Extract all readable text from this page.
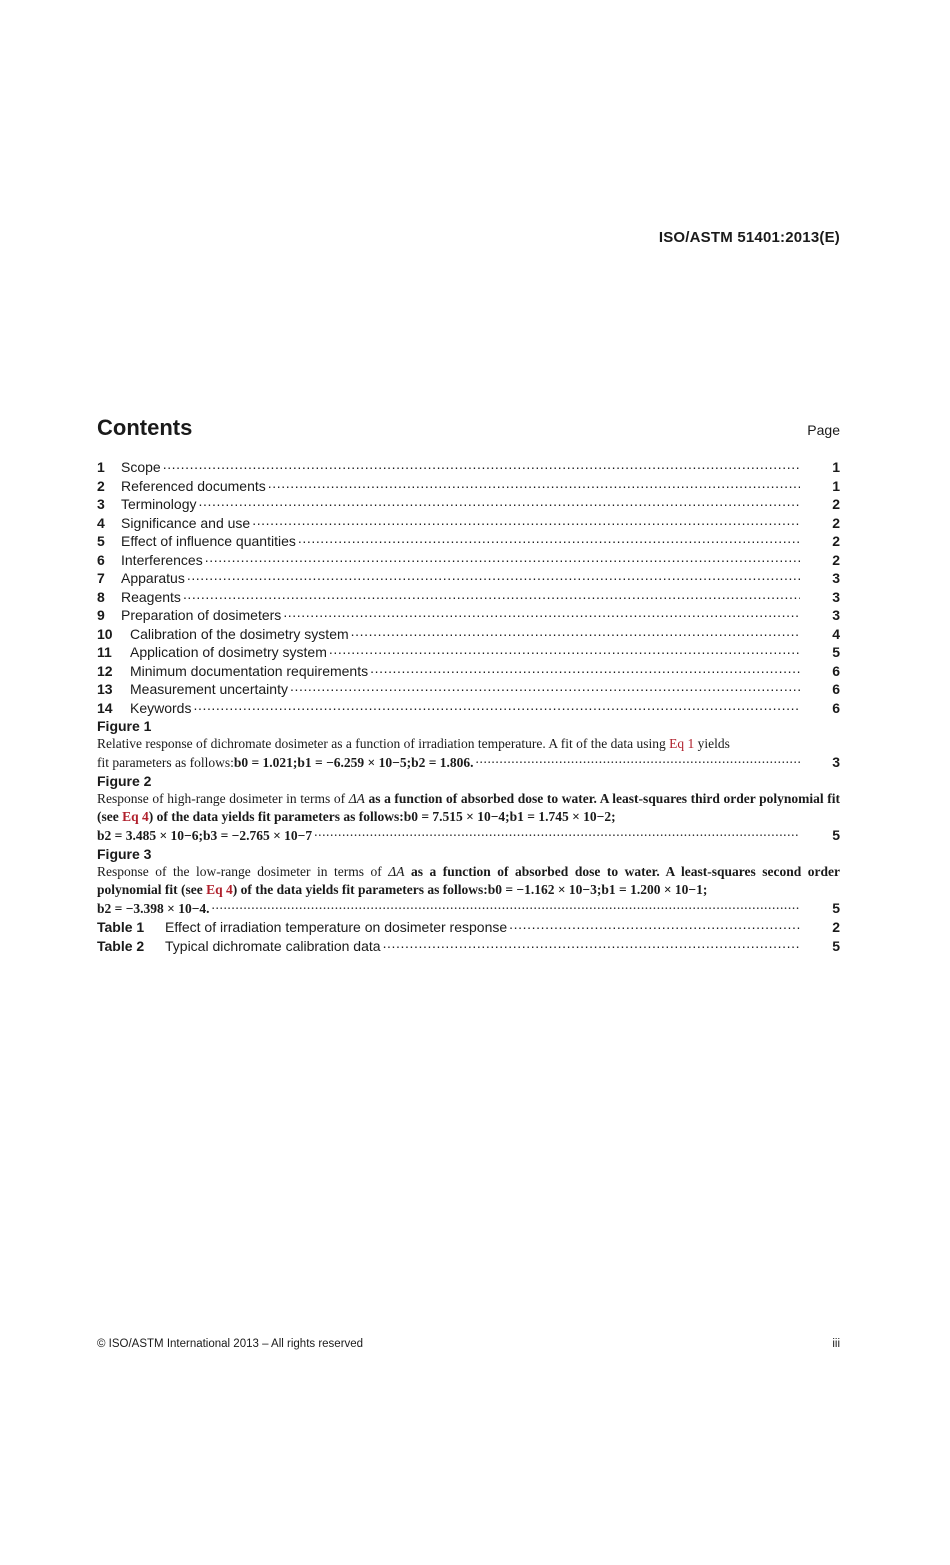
ISO/ASTM 51401:2013(E)
Contents	Page
1	Scope .....	1
2	Referenced documents .....	1
3	Terminology .....	2
4	Significance and use .....	2
5	Effect of influence quantities .....	2
6	Interferences .....	2
7	Apparatus .....	3
8	Reagents .....	3
9	Preparation of dosimeters .....	3
10	Calibration of the dosimetry system .....	4
11	Application of dosimetry system .....	5
12	Minimum documentation requirements .....	6
13	Measurement uncertainty .....	6
14	Keywords .....	6
Figure 1

Relative response of dichromate dosimeter as a function of irradiation temperature. A fit of the data using Eq 1 yields

fit parameters as follows: b0 = 1.021;b1 = −6.259 × 10−5;b2 = 1.806. .....	3
Figure 2

Response of high-range dosimeter in terms of ΔA as a function of absorbed dose to water. A least-squares third order polynomial fit (see Eq 4) of the data yields fit parameters as follows:b0 = 7.515 × 10−4;b1 = 1.745 × 10−2;

b2 = 3.485 × 10−6;b3 = −2.765 × 10−7 .....	5
Figure 3

Response of the low-range dosimeter in terms of ΔA as a function of absorbed dose to water. A least-squares second order polynomial fit (see Eq 4) of the data yields fit parameters as follows:b0 = −1.162 × 10−3;b1 = 1.200 × 10−1;

b2 = −3.398 × 10−4. .....	5
Table 1	Effect of irradiation temperature on dosimeter response .....	2
Table 2	Typical dichromate calibration data .....	5
© ISO/ASTM International 2013 – All rights reserved	iii
